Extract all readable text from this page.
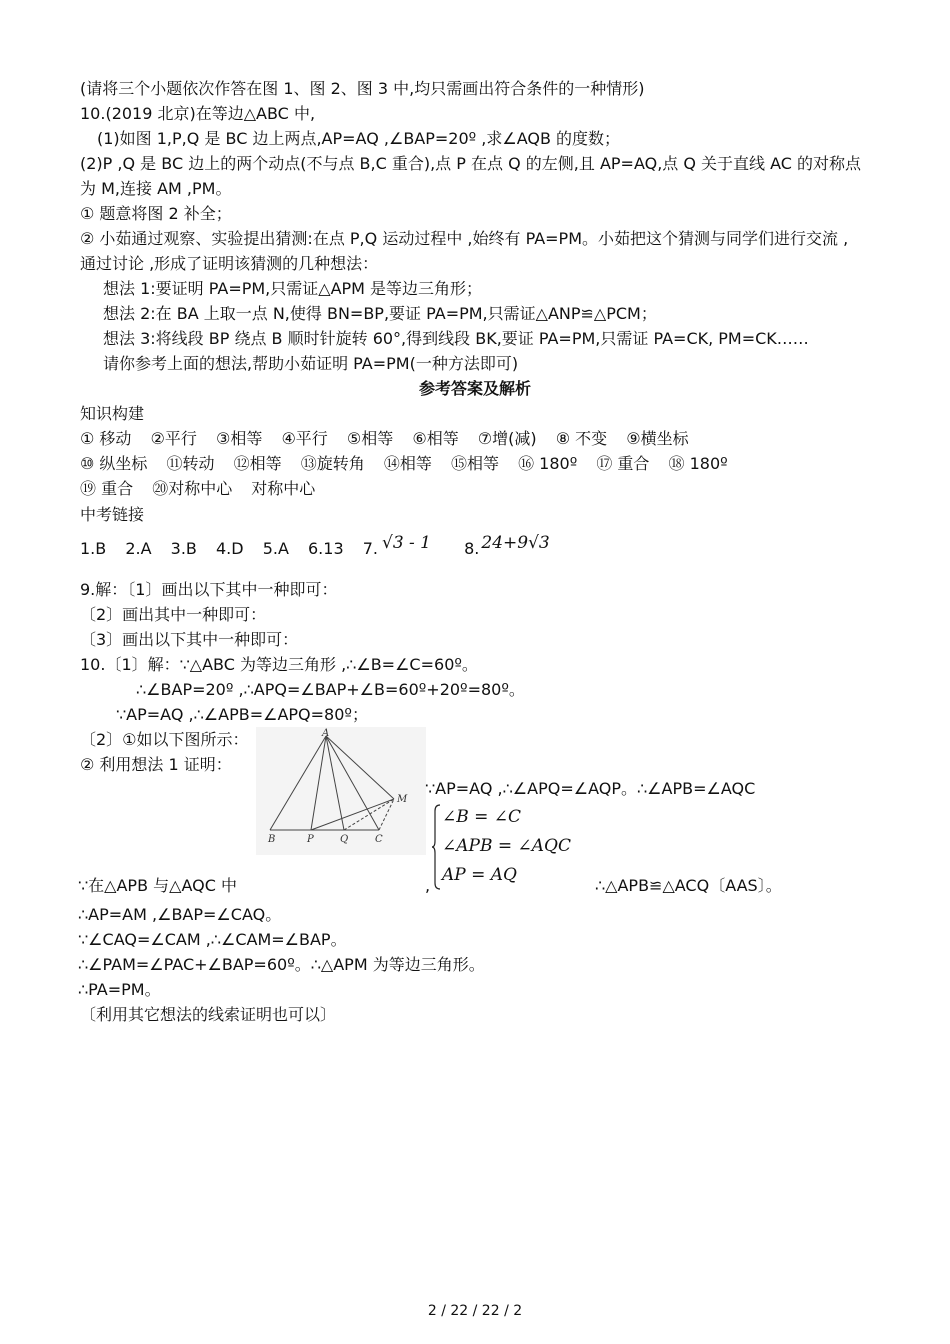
(请将三个小题依次作答在图 1、图 2、图 3 中,均只需画出符合条件的一种情形)
10.(2019 北京)在等边△ABC 中,
(1)如图 1,P,Q 是 BC 边上两点,AP=AQ ,∠BAP=20º ,求∠AQB 的度数；
(2)P ,Q 是 BC 边上的两个动点(不与点 B,C 重合),点 P 在点 Q 的左侧,且 AP=AQ,点 Q 关于直线 AC 的对称点
为 M,连接 AM ,PM。
① 题意将图 2 补全；
② 小茹通过观察、实验提出猜测:在点 P,Q 运动过程中 ,始终有 PA=PM。小茹把这个猜测与同学们进行交流 ,
通过讨论 ,形成了证明该猜测的几种想法：
想法 1:要证明 PA=PM,只需证△APM 是等边三角形；
想法 2:在 BA 上取一点 N,使得 BN=BP,要证 PA=PM,只需证△ANP≌△PCM；
想法 3:将线段 BP 绕点 B 顺时针旋转 60°,得到线段 BK,要证 PA=PM,只需证 PA=CK, PM=CK……
请你参考上面的想法,帮助小茹证明 PA=PM(一种方法即可)
参考答案及解析
知识构建
① 移动 ②平行 ③相等 ④平行 ⑤相等 ⑥相等 ⑦增(减) ⑧ 不变 ⑨横坐标
⑩ 纵坐标 ⑪转动 ⑫相等 ⑬旋转角 ⑭相等 ⑮相等 ⑯ 180º ⑰ 重合 ⑱ 180º
⑲ 重合 ⑳对称中心 对称中心
中考链接
1.B 2.A 3.B 4.D 5.A 6.13 7. √3 - 1 8. 24+9√3
9.解：〔1〕画出以下其中一种即可：
〔2〕画出其中一种即可：
〔3〕画出以下其中一种即可：
10.〔1〕解：∵△ABC 为等边三角形 ,∴∠B=∠C=60º。
∴∠BAP=20º ,∴APQ=∠BAP+∠B=60º+20º=80º。
∵AP=AQ ,∴∠APB=∠APQ=80º；
〔2〕①如以下图所示：
② 利用想法 1 证明：
A
B	P	Q	C
M
∵AP=AQ ,∴∠APQ=∠AQP。∴∠APB=∠AQC
∠B = ∠C
∠APB = ∠AQC
AP = AQ
∵在△APB 与△AQC 中	,	∴△APB≌△ACQ〔AAS〕。
∴AP=AM ,∠BAP=∠CAQ。
∵∠CAQ=∠CAM ,∴∠CAM=∠BAP。
∴∠PAM=∠PAC+∠BAP=60º。∴△APM 为等边三角形。
∴PA=PM。
〔利用其它想法的线索证明也可以〕
2 / 22 / 22 / 2
